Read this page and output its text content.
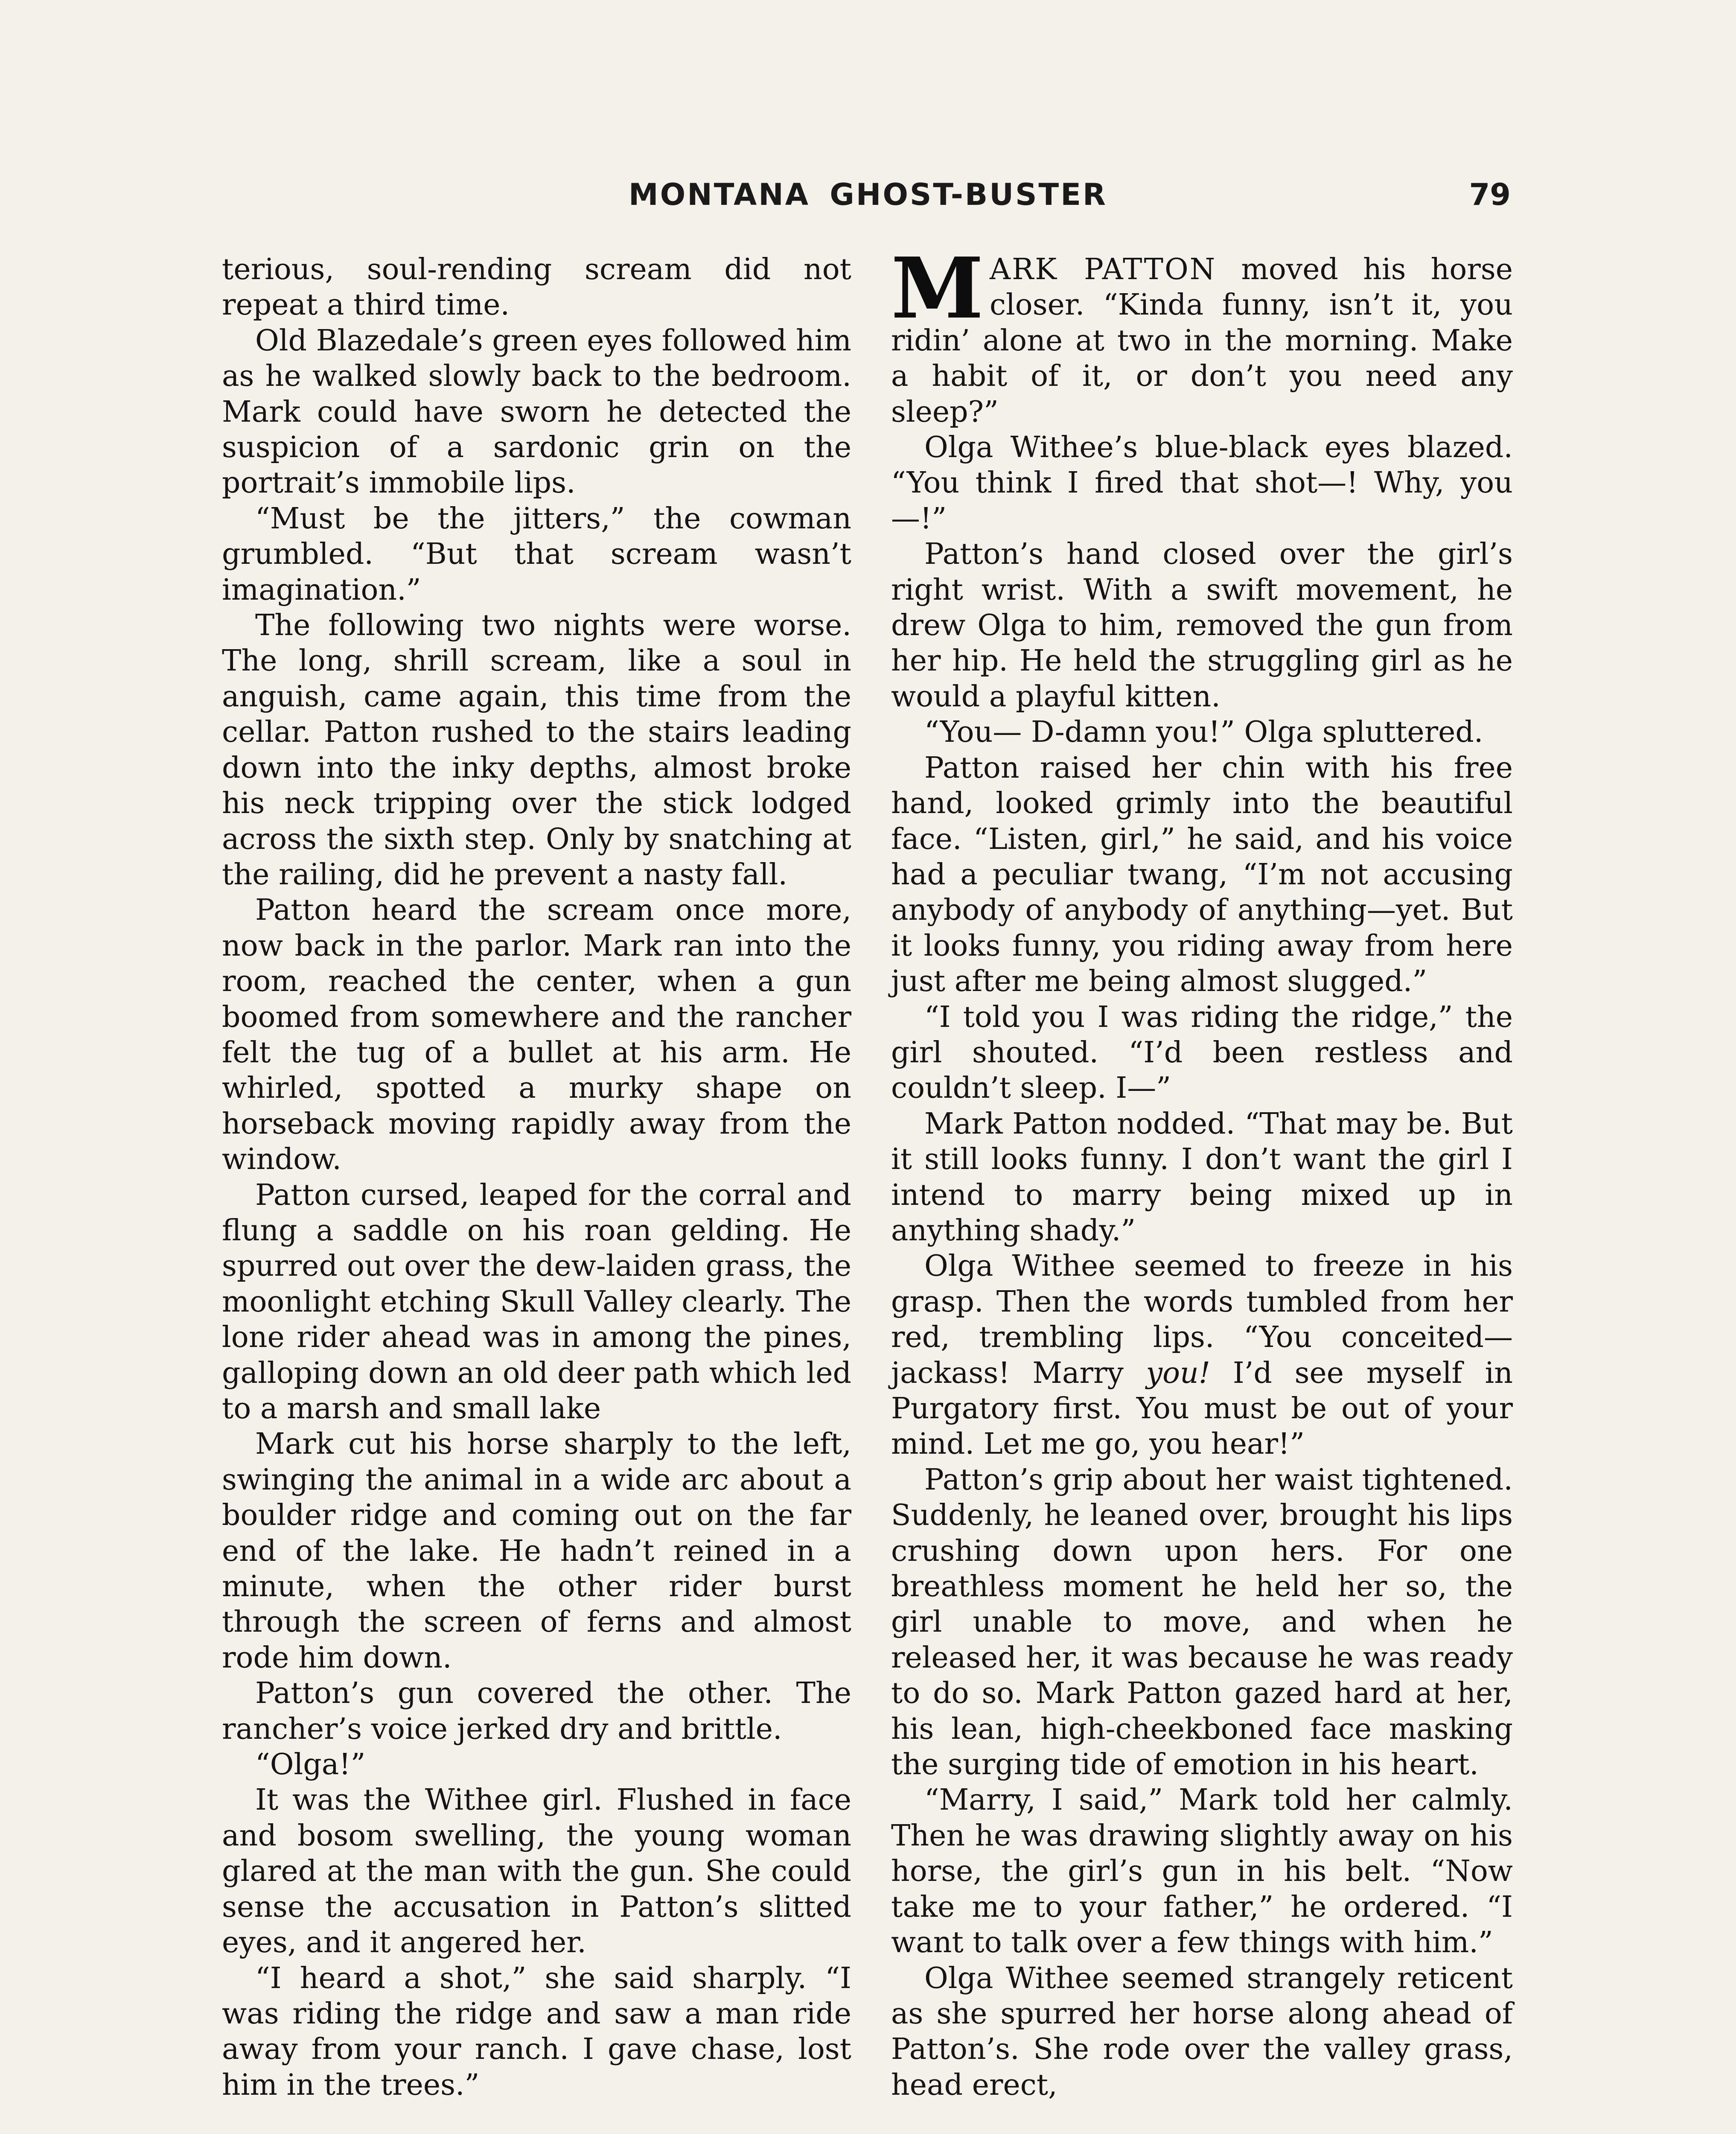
MONTANA GHOST-BUSTER	79

terious, soul-rending scream did not repeat a third time.

Old Blazedale’s green eyes followed him as he walked slowly back to the bedroom. Mark could have sworn he detected the suspicion of a sardonic grin on the portrait’s immobile lips.

“Must be the jitters,” the cowman grumbled. “But that scream wasn’t imagination.”

The following two nights were worse. The long, shrill scream, like a soul in anguish, came again, this time from the cellar. Patton rushed to the stairs leading down into the inky depths, almost broke his neck tripping over the stick lodged across the sixth step. Only by snatching at the railing, did he prevent a nasty fall.

Patton heard the scream once more, now back in the parlor. Mark ran into the room, reached the center, when a gun boomed from somewhere and the rancher felt the tug of a bullet at his arm. He whirled, spotted a murky shape on horseback moving rapidly away from the window.

Patton cursed, leaped for the corral and flung a saddle on his roan gelding. He spurred out over the dew-laiden grass, the moonlight etching Skull Valley clearly. The lone rider ahead was in among the pines, galloping down an old deer path which led to a marsh and small lake

Mark cut his horse sharply to the left, swinging the animal in a wide arc about a boulder ridge and coming out on the far end of the lake. He hadn’t reined in a minute, when the other rider burst through the screen of ferns and almost rode him down.

Patton’s gun covered the other. The rancher’s voice jerked dry and brittle.

“Olga!”

It was the Withee girl. Flushed in face and bosom swelling, the young woman glared at the man with the gun. She could sense the accusation in Patton’s slitted eyes, and it angered her.

“I heard a shot,” she said sharply. “I was riding the ridge and saw a man ride away from your ranch. I gave chase, lost him in the trees.”

MARK PATTON moved his horse closer. “Kinda funny, isn’t it, you ridin’ alone at two in the morning. Make a habit of it, or don’t you need any sleep?”

Olga Withee’s blue-black eyes blazed. “You think I fired that shot—! Why, you—!”

Patton’s hand closed over the girl’s right wrist. With a swift movement, he drew Olga to him, removed the gun from her hip. He held the struggling girl as he would a playful kitten.

“You— D-damn you!” Olga spluttered.

Patton raised her chin with his free hand, looked grimly into the beautiful face. “Listen, girl,” he said, and his voice had a peculiar twang, “I’m not accusing anybody of anybody of anything—yet. But it looks funny, you riding away from here just after me being almost slugged.”

“I told you I was riding the ridge,” the girl shouted. “I’d been restless and couldn’t sleep. I—”

Mark Patton nodded. “That may be. But it still looks funny. I don’t want the girl I intend to marry being mixed up in anything shady.”

Olga Withee seemed to freeze in his grasp. Then the words tumbled from her red, trembling lips. “You conceited—jackass! Marry you! I’d see myself in Purgatory first. You must be out of your mind. Let me go, you hear!”

Patton’s grip about her waist tightened. Suddenly, he leaned over, brought his lips crushing down upon hers. For one breathless moment he held her so, the girl unable to move, and when he released her, it was because he was ready to do so. Mark Patton gazed hard at her, his lean, high-cheekboned face masking the surging tide of emotion in his heart.

“Marry, I said,” Mark told her calmly. Then he was drawing slightly away on his horse, the girl’s gun in his belt. “Now take me to your father,” he ordered. “I want to talk over a few things with him.”

Olga Withee seemed strangely reticent as she spurred her horse along ahead of Patton’s. She rode over the valley grass, head erect,
